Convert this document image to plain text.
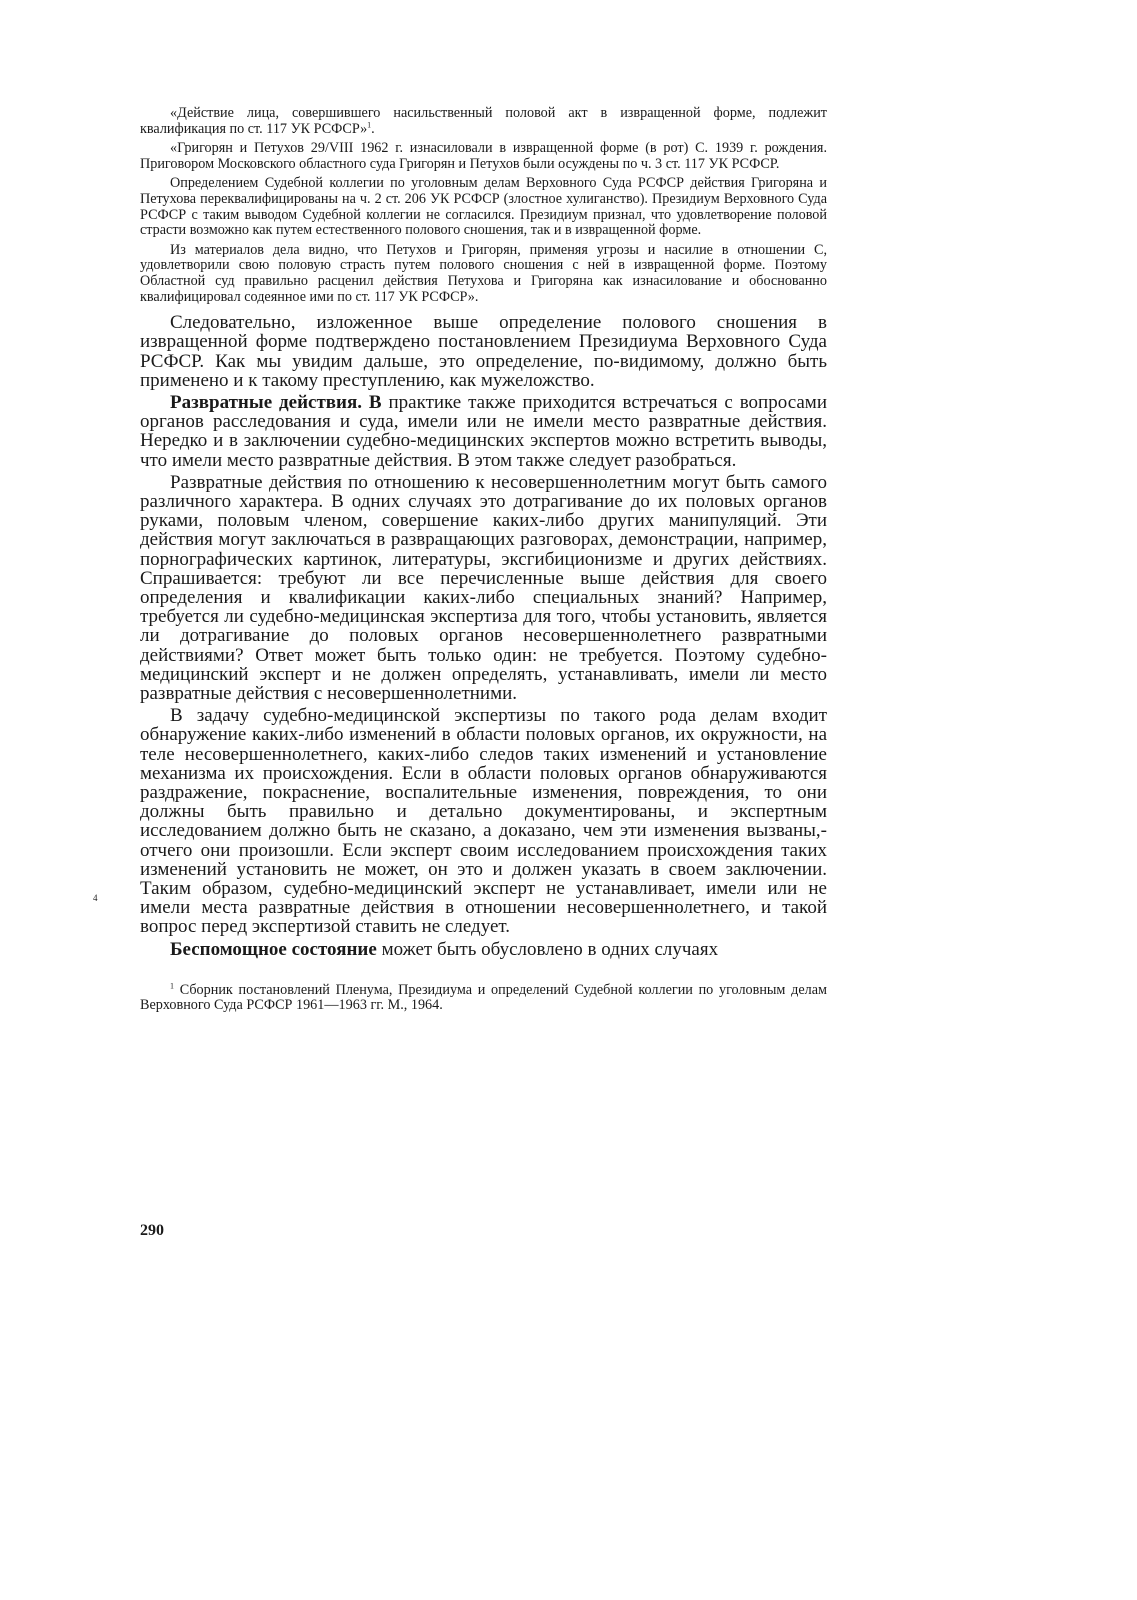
«Действие лица, совершившего насильственный половой акт в извращенной форме, подлежит квалификация по ст. 117 УК РСФСР»$^1$.

«Григорян и Петухов 29/VIII 1962 г. изнасиловали в извращенной форме (в рот) С. 1939 г. рождения. Приговором Московского областного суда Григорян и Петухов были осуждены по ч. 3 ст. 117 УК РСФСР.

Определением Судебной коллегии по уголовным делам Верховного Суда РСФСР действия Григоряна и Петухова переквалифицированы на ч. 2 ст. 206 УК РСФСР (злостное хулиганство). Президиум Верховного Суда РСФСР с таким выводом Судебной коллегии не согласился. Президиум признал, что удовлетворение половой страсти возможно как путем естественного полового сношения, так и в извращенной форме.

Из материалов дела видно, что Петухов и Григорян, применяя угрозы и насилие в отношении С, удовлетворили свою половую страсть путем полового сношения с ней в извращенной форме. Поэтому Областной суд правильно расценил действия Петухова и Григоряна как изнасилование и обоснованно квалифицировал содеянное ими по ст. 117 УК РСФСР».

Следовательно, изложенное выше определение полового сношения в извращенной форме подтверждено постановлением Президиума Верховного Суда РСФСР. Как мы увидим дальше, это определение, по-видимому, должно быть применено и к такому преступлению, как мужеложство.

Развратные действия. В практике также приходится встречаться с вопросами органов расследования и суда, имели или не имели место развратные действия. Нередко и в заключении судебно-медицинских экспертов можно встретить выводы, что имели место развратные действия. В этом также следует разобраться.

Развратные действия по отношению к несовершеннолетним могут быть самого различного характера. В одних случаях это дотрагивание до их половых органов руками, половым членом, совершение каких-либо других манипуляций. Эти действия могут заключаться в развращающих разговорах, демонстрации, например, порнографических картинок, литературы, эксгибиционизме и других действиях. Спрашивается: требуют ли все перечисленные выше действия для своего определения и квалификации каких-либо специальных знаний? Например, требуется ли судебно-медицинская экспертиза для того, чтобы установить, является ли дотрагивание до половых органов несовершеннолетнего развратными действиями? Ответ может быть только один: не требуется. Поэтому судебно-медицинский эксперт и не должен определять, устанавливать, имели ли место развратные действия с несовершеннолетними.

В задачу судебно-медицинской экспертизы по такого рода делам входит обнаружение каких-либо изменений в области половых органов, их окружности, на теле несовершеннолетнего, каких-либо следов таких изменений и установление механизма их происхождения. Если в области половых органов обнаруживаются раздражение, покраснение, воспалительные изменения, повреждения, то они должны быть правильно и детально документированы, и экспертным исследованием должно быть не сказано, а доказано, чем эти изменения вызваны,- отчего они произошли. Если эксперт своим исследованием происхождения таких изменений установить не может, он это и должен указать в своем заключении. Таким образом, судебно-медицинский эксперт не устанавливает, имели или не имели места развратные действия в отношении несовершеннолетнего, и такой вопрос перед экспертизой ставить не следует.

Беспомощное состояние может быть обусловлено в одних случаях

$^1$ Сборник постановлений Пленума, Президиума и определений Судебной коллегии по уголовным делам Верховного Суда РСФСР 1961—1963 гг. М., 1964.

4
290
